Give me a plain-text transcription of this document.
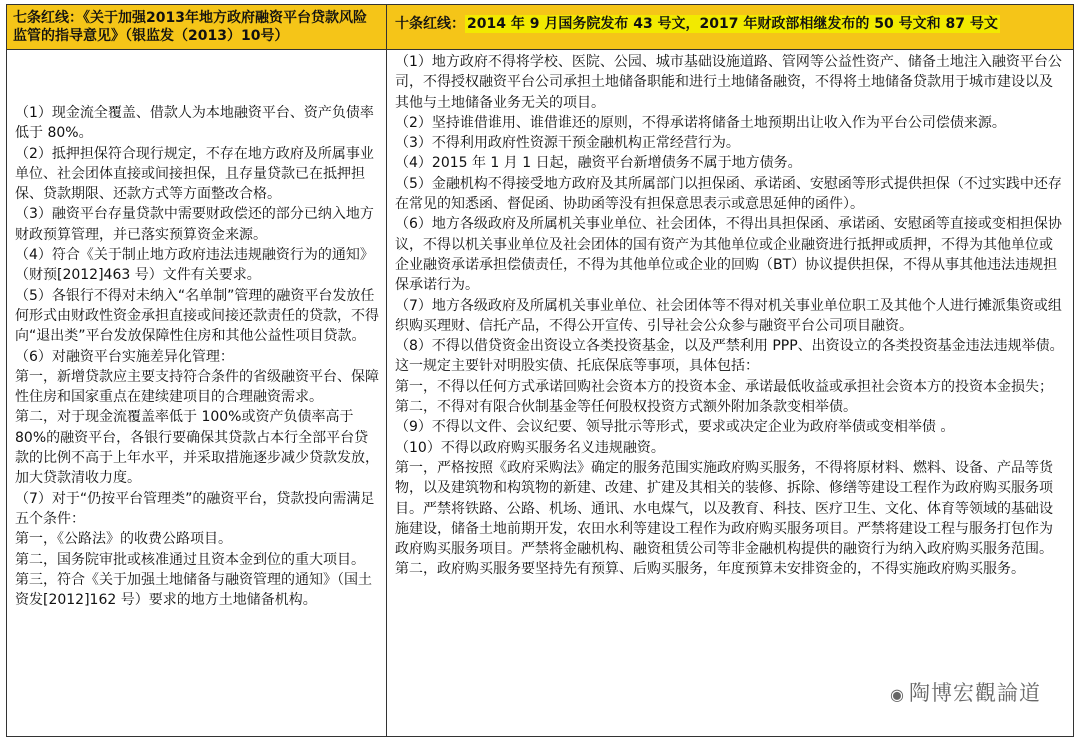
七条红线：《关于加强2013年地方政府融资平台贷款风险监管的指导意见》（银监发（2013）10号）

（1）现金流全覆盖、借款人为本地融资平台、资产负债率低于 80%。

（2）抵押担保符合现行规定，不存在地方政府及所属事业单位、社会团体直接或间接担保，且存量贷款已在抵押担保、贷款期限、还款方式等方面整改合格。

（3）融资平台存量贷款中需要财政偿还的部分已纳入地方财政预算管理，并已落实预算资金来源。

（4）符合《关于制止地方政府违法违规融资行为的通知》（财预[2012]463 号）文件有关要求。

（5）各银行不得对未纳入“名单制”管理的融资平台发放任何形式由财政性资金承担直接或间接还款责任的贷款，不得向“退出类”平台发放保障性住房和其他公益性项目贷款。

（6）对融资平台实施差异化管理：

第一，新增贷款应主要支持符合条件的省级融资平台、保障性住房和国家重点在建续建项目的合理融资需求。

第二，对于现金流覆盖率低于 100%或资产负债率高于 80%的融资平台，各银行要确保其贷款占本行全部平台贷款的比例不高于上年水平，并采取措施逐步减少贷款发放，加大贷款清收力度。

（7）对于“仍按平台管理类”的融资平台，贷款投向需满足五个条件：

第一，《公路法》的收费公路项目。

第二，国务院审批或核准通过且资本金到位的重大项目。

第三，符合《关于加强土地储备与融资管理的通知》（国土资发[2012]162 号）要求的地方土地储备机构。

十条红线： 2014 年 9 月国务院发布 43 号文，2017 年财政部相继发布的 50 号文和 87 号文

（1）地方政府不得将学校、医院、公园、城市基础设施道路、管网等公益性资产、储备土地注入融资平台公司，不得授权融资平台公司承担土地储备职能和进行土地储备融资，不得将土地储备贷款用于城市建设以及其他与土地储备业务无关的项目。

（2）坚持谁借谁用、谁借谁还的原则，不得承诺将储备土地预期出让收入作为平台公司偿债来源。

（3）不得利用政府性资源干预金融机构正常经营行为。

（4）2015 年 1 月 1 日起，融资平台新增债务不属于地方债务。

（5）金融机构不得接受地方政府及其所属部门以担保函、承诺函、安慰函等形式提供担保（不过实践中还存在常见的知悉函、督促函、协助函等没有担保意思表示或意思延伸的函件）。

（6）地方各级政府及所属机关事业单位、社会团体，不得出具担保函、承诺函、安慰函等直接或变相担保协议，不得以机关事业单位及社会团体的国有资产为其他单位或企业融资进行抵押或质押，不得为其他单位或企业融资承诺承担偿债责任，不得为其他单位或企业的回购（BT）协议提供担保，不得从事其他违法违规担保承诺行为。

（7）地方各级政府及所属机关事业单位、社会团体等不得对机关事业单位职工及其他个人进行摊派集资或组织购买理财、信托产品，不得公开宣传、引导社会公众参与融资平台公司项目融资。

（8）不得以借贷资金出资设立各类投资基金，以及严禁利用 PPP、出资设立的各类投资基金违法违规举债。这一规定主要针对明股实债、托底保底等事项，具体包括：

第一，不得以任何方式承诺回购社会资本方的投资本金、承诺最低收益或承担社会资本方的投资本金损失；第二，不得对有限合伙制基金等任何股权投资方式额外附加条款变相举债。

（9）不得以文件、会议纪要、领导批示等形式，要求或决定企业为政府举债或变相举债 。

（10）不得以政府购买服务名义违规融资。

第一，严格按照《政府采购法》确定的服务范围实施政府购买服务，不得将原材料、燃料、设备、产品等货物，以及建筑物和构筑物的新建、改建、扩建及其相关的装修、拆除、修缮等建设工程作为政府购买服务项目。严禁将铁路、公路、机场、通讯、水电煤气，以及教育、科技、医疗卫生、文化、体育等领域的基础设施建设，储备土地前期开发，农田水利等建设工程作为政府购买服务项目。严禁将建设工程与服务打包作为政府购买服务项目。严禁将金融机构、融资租赁公司等非金融机构提供的融资行为纳入政府购买服务范围。

第二，政府购买服务要坚持先有预算、后购买服务，年度预算未安排资金的，不得实施政府购买服务。

◉ 陶博宏觀論道
